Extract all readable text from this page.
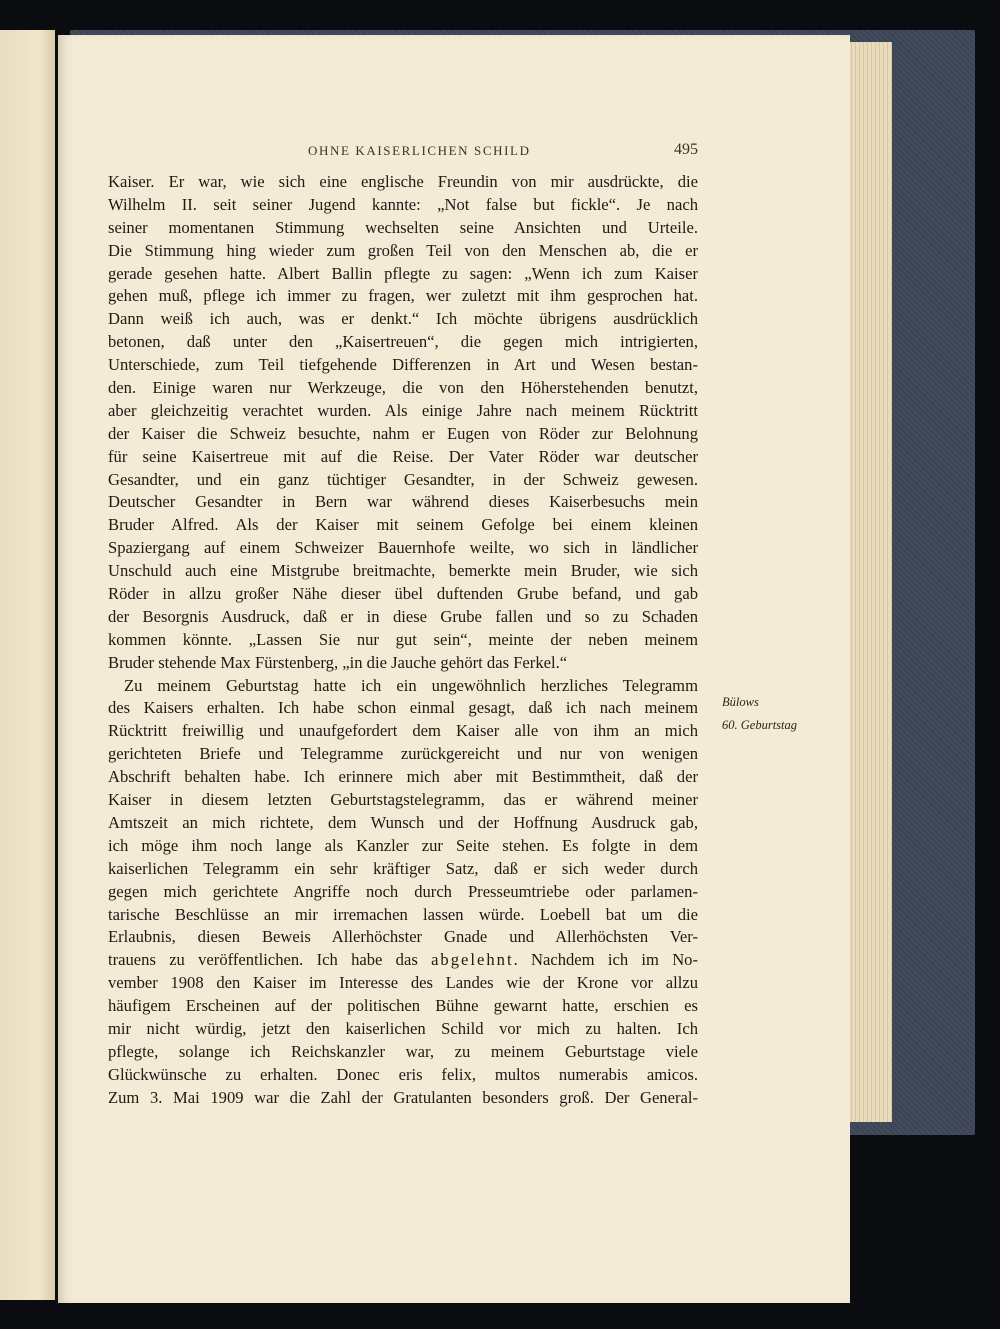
OHNE KAISERLICHEN SCHILD	495
Kaiser. Er war, wie sich eine englische Freundin von mir ausdrückte, die
Wilhelm II. seit seiner Jugend kannte: „Not false but fickle“. Je nach
seiner momentanen Stimmung wechselten seine Ansichten und Urteile.
Die Stimmung hing wieder zum großen Teil von den Menschen ab, die er
gerade gesehen hatte. Albert Ballin pflegte zu sagen: „Wenn ich zum Kaiser
gehen muß, pflege ich immer zu fragen, wer zuletzt mit ihm gesprochen hat.
Dann weiß ich auch, was er denkt.“ Ich möchte übrigens ausdrücklich
betonen, daß unter den „Kaisertreuen“, die gegen mich intrigierten,
Unterschiede, zum Teil tiefgehende Differenzen in Art und Wesen bestan-
den. Einige waren nur Werkzeuge, die von den Höherstehenden benutzt,
aber gleichzeitig verachtet wurden. Als einige Jahre nach meinem Rücktritt
der Kaiser die Schweiz besuchte, nahm er Eugen von Röder zur Belohnung
für seine Kaisertreue mit auf die Reise. Der Vater Röder war deutscher
Gesandter, und ein ganz tüchtiger Gesandter, in der Schweiz gewesen.
Deutscher Gesandter in Bern war während dieses Kaiserbesuchs mein
Bruder Alfred. Als der Kaiser mit seinem Gefolge bei einem kleinen
Spaziergang auf einem Schweizer Bauernhofe weilte, wo sich in ländlicher
Unschuld auch eine Mistgrube breitmachte, bemerkte mein Bruder, wie sich
Röder in allzu großer Nähe dieser übel duftenden Grube befand, und gab
der Besorgnis Ausdruck, daß er in diese Grube fallen und so zu Schaden
kommen könnte. „Lassen Sie nur gut sein“, meinte der neben meinem
Bruder stehende Max Fürstenberg, „in die Jauche gehört das Ferkel.“
Zu meinem Geburtstag hatte ich ein ungewöhnlich herzliches Telegramm
des Kaisers erhalten. Ich habe schon einmal gesagt, daß ich nach meinem
Rücktritt freiwillig und unaufgefordert dem Kaiser alle von ihm an mich
gerichteten Briefe und Telegramme zurückgereicht und nur von wenigen
Abschrift behalten habe. Ich erinnere mich aber mit Bestimmtheit, daß der
Kaiser in diesem letzten Geburtstagstelegramm, das er während meiner
Amtszeit an mich richtete, dem Wunsch und der Hoffnung Ausdruck gab,
ich möge ihm noch lange als Kanzler zur Seite stehen. Es folgte in dem
kaiserlichen Telegramm ein sehr kräftiger Satz, daß er sich weder durch
gegen mich gerichtete Angriffe noch durch Presseumtriebe oder parlamen-
tarische Beschlüsse an mir irremachen lassen würde. Loebell bat um die
Erlaubnis, diesen Beweis Allerhöchster Gnade und Allerhöchsten Ver-
trauens zu veröffentlichen. Ich habe das abgelehnt. Nachdem ich im No-
vember 1908 den Kaiser im Interesse des Landes wie der Krone vor allzu
häufigem Erscheinen auf der politischen Bühne gewarnt hatte, erschien es
mir nicht würdig, jetzt den kaiserlichen Schild vor mich zu halten. Ich
pflegte, solange ich Reichskanzler war, zu meinem Geburtstage viele
Glückwünsche zu erhalten. Donec eris felix, multos numerabis amicos.
Zum 3. Mai 1909 war die Zahl der Gratulanten besonders groß. Der General-
Bülows
60. Geburtstag
